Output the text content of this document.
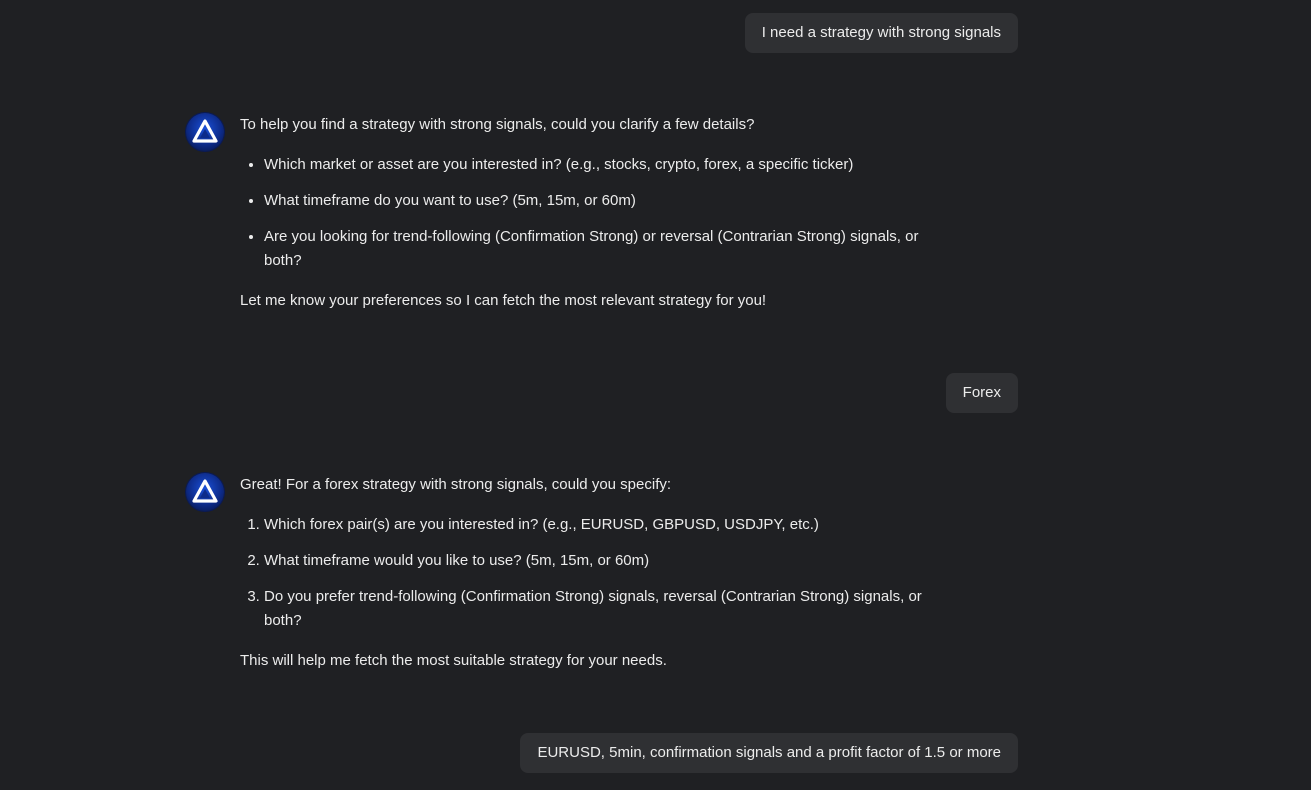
I need a strategy with strong signals

To help you find a strategy with strong signals, could you clarify a few details?

• Which market or asset are you interested in? (e.g., stocks, crypto, forex, a specific ticker)
• What timeframe do you want to use? (5m, 15m, or 60m)
• Are you looking for trend-following (Confirmation Strong) or reversal (Contrarian Strong) signals, or both?

Let me know your preferences so I can fetch the most relevant strategy for you!

Forex

Great! For a forex strategy with strong signals, could you specify:

1. Which forex pair(s) are you interested in? (e.g., EURUSD, GBPUSD, USDJPY, etc.)
2. What timeframe would you like to use? (5m, 15m, or 60m)
3. Do you prefer trend-following (Confirmation Strong) signals, reversal (Contrarian Strong) signals, or both?

This will help me fetch the most suitable strategy for your needs.

EURUSD, 5min, confirmation signals and a profit factor of 1.5 or more
